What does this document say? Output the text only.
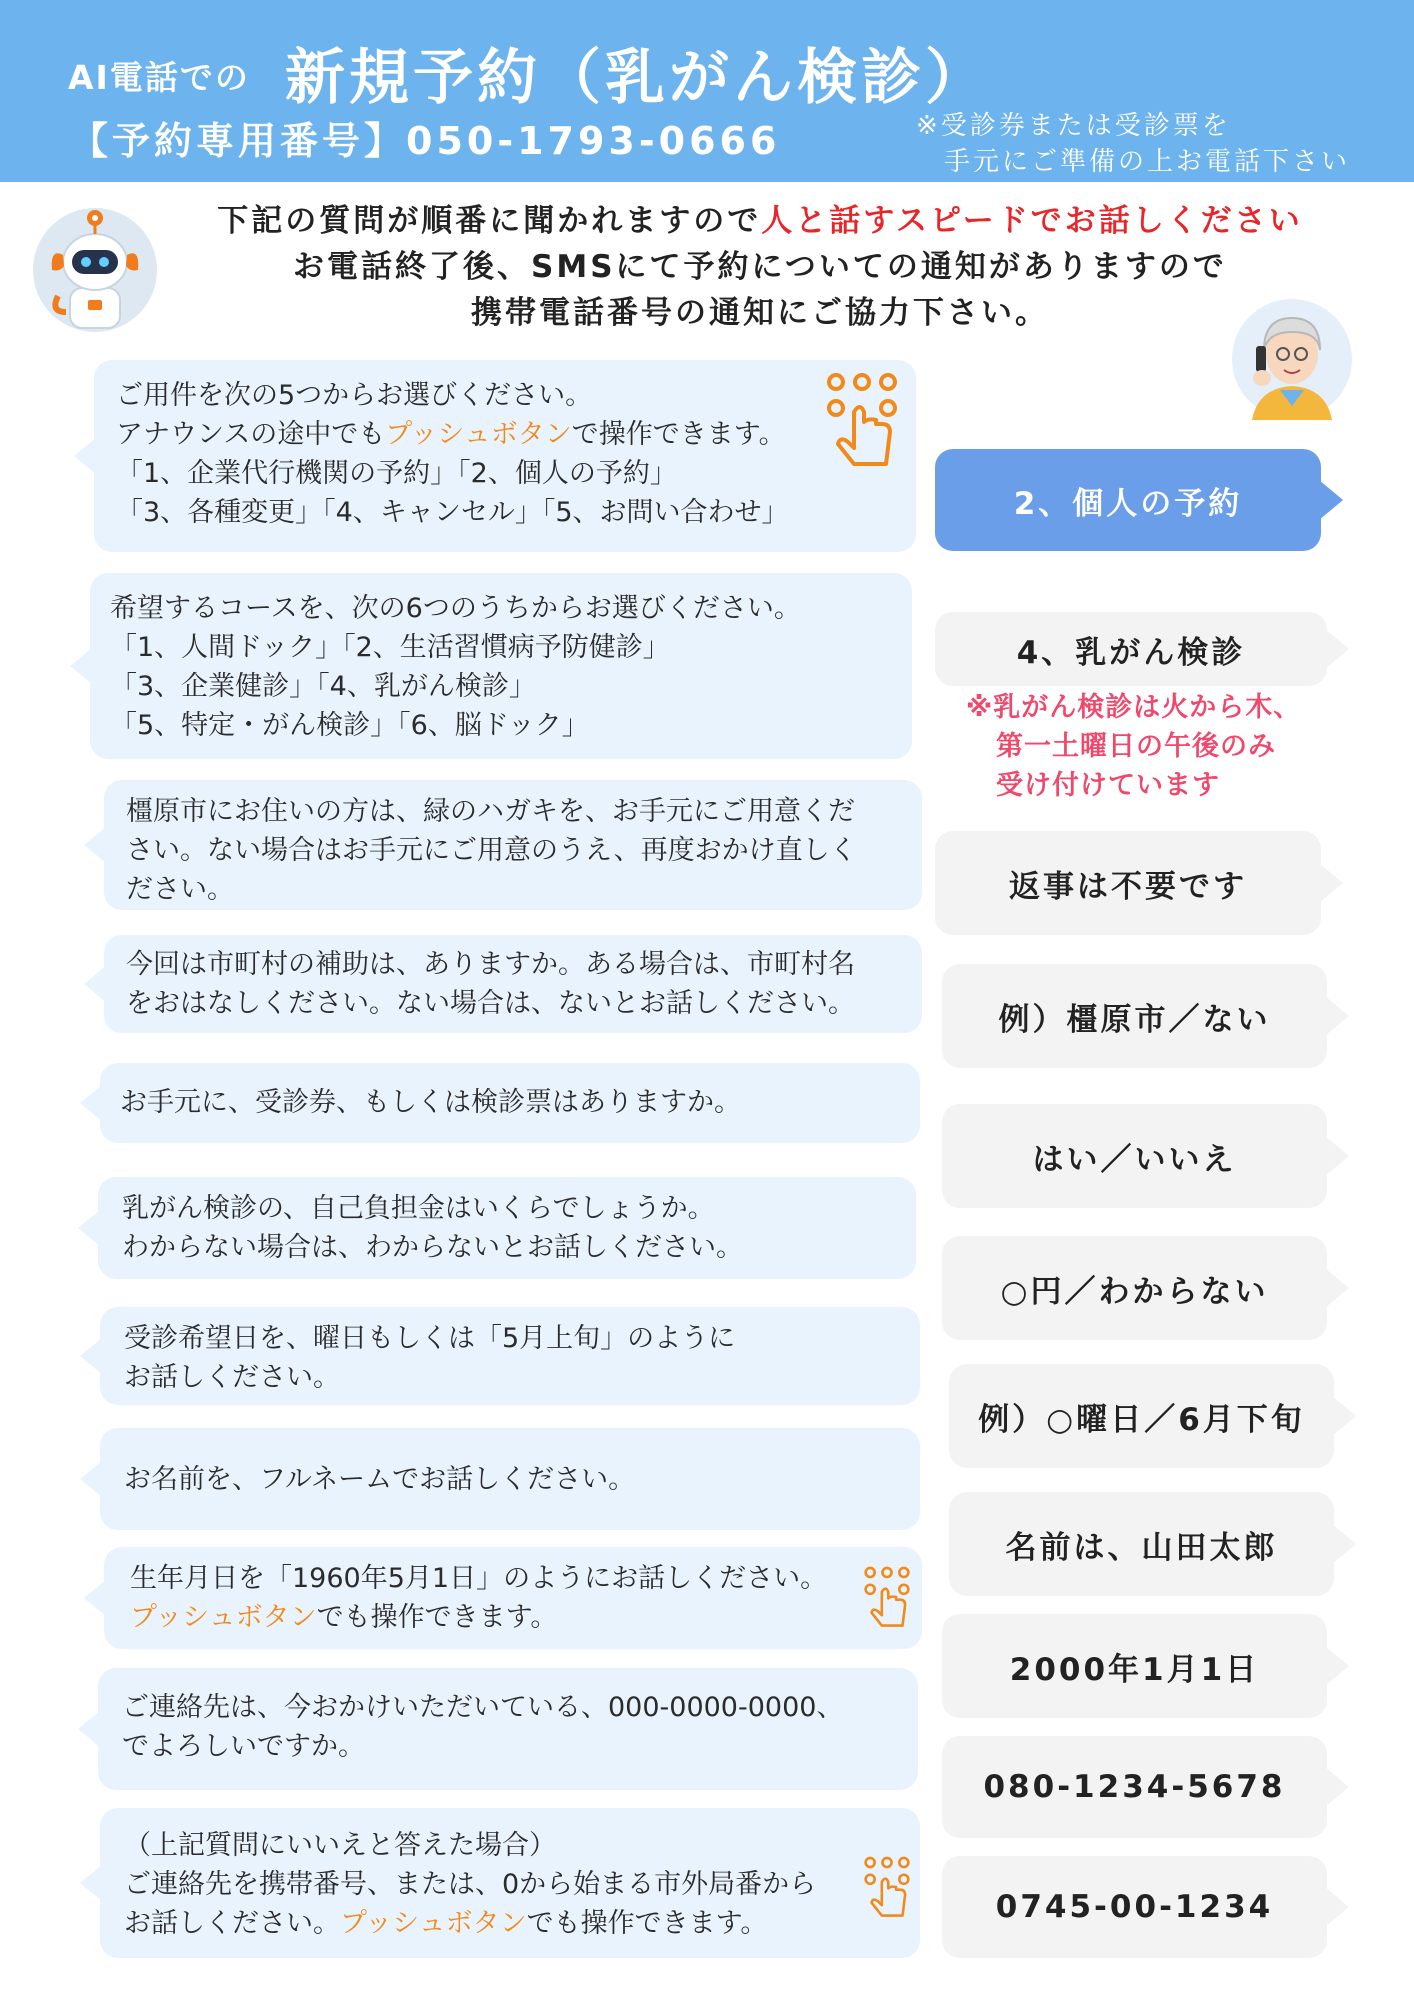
AI電話での 新規予約（乳がん検診）
【予約専用番号】050-1793-0666	※受診券または受診票を
手元にご準備の上お電話下さい
下記の質問が順番に聞かれますので人と話すスピードでお話しください
お電話終了後、SMSにて予約についての通知がありますので
携帯電話番号の通知にご協力下さい。
ご用件を次の5つからお選びください。
アナウンスの途中でもプッシュボタンで操作できます。
「1、企業代行機関の予約」「2、個人の予約」
「3、各種変更」「4、キャンセル」「5、お問い合わせ」
希望するコースを、次の6つのうちからお選びください。
「1、人間ドック」「2、生活習慣病予防健診」
「3、企業健診」「4、乳がん検診」
「5、特定・がん検診」「6、脳ドック」
橿原市にお住いの方は、緑のハガキを、お手元にご用意くだ
さい。ない場合はお手元にご用意のうえ、再度おかけ直しく
ださい。
今回は市町村の補助は、ありますか。ある場合は、市町村名
をおはなしください。ない場合は、ないとお話しください。
お手元に、受診券、もしくは検診票はありますか。
乳がん検診の、自己負担金はいくらでしょうか。
わからない場合は、わからないとお話しください。
受診希望日を、曜日もしくは「5月上旬」のように
お話しください。
お名前を、フルネームでお話しください。
生年月日を「1960年5月1日」のようにお話しください。
プッシュボタンでも操作できます。
ご連絡先は、今おかけいただいている、000-0000-0000、
でよろしいですか。
（上記質問にいいえと答えた場合）
ご連絡先を携帯番号、または、0から始まる市外局番から
お話しください。プッシュボタンでも操作できます。
2、個人の予約
4、乳がん検診
※乳がん検診は火から木、
第一土曜日の午後のみ
受け付けています
返事は不要です
例）橿原市／ない
はい／いいえ
○円／わからない
例）○曜日／6月下旬
名前は、山田太郎
2000年1月1日
080-1234-5678
0745-00-1234
